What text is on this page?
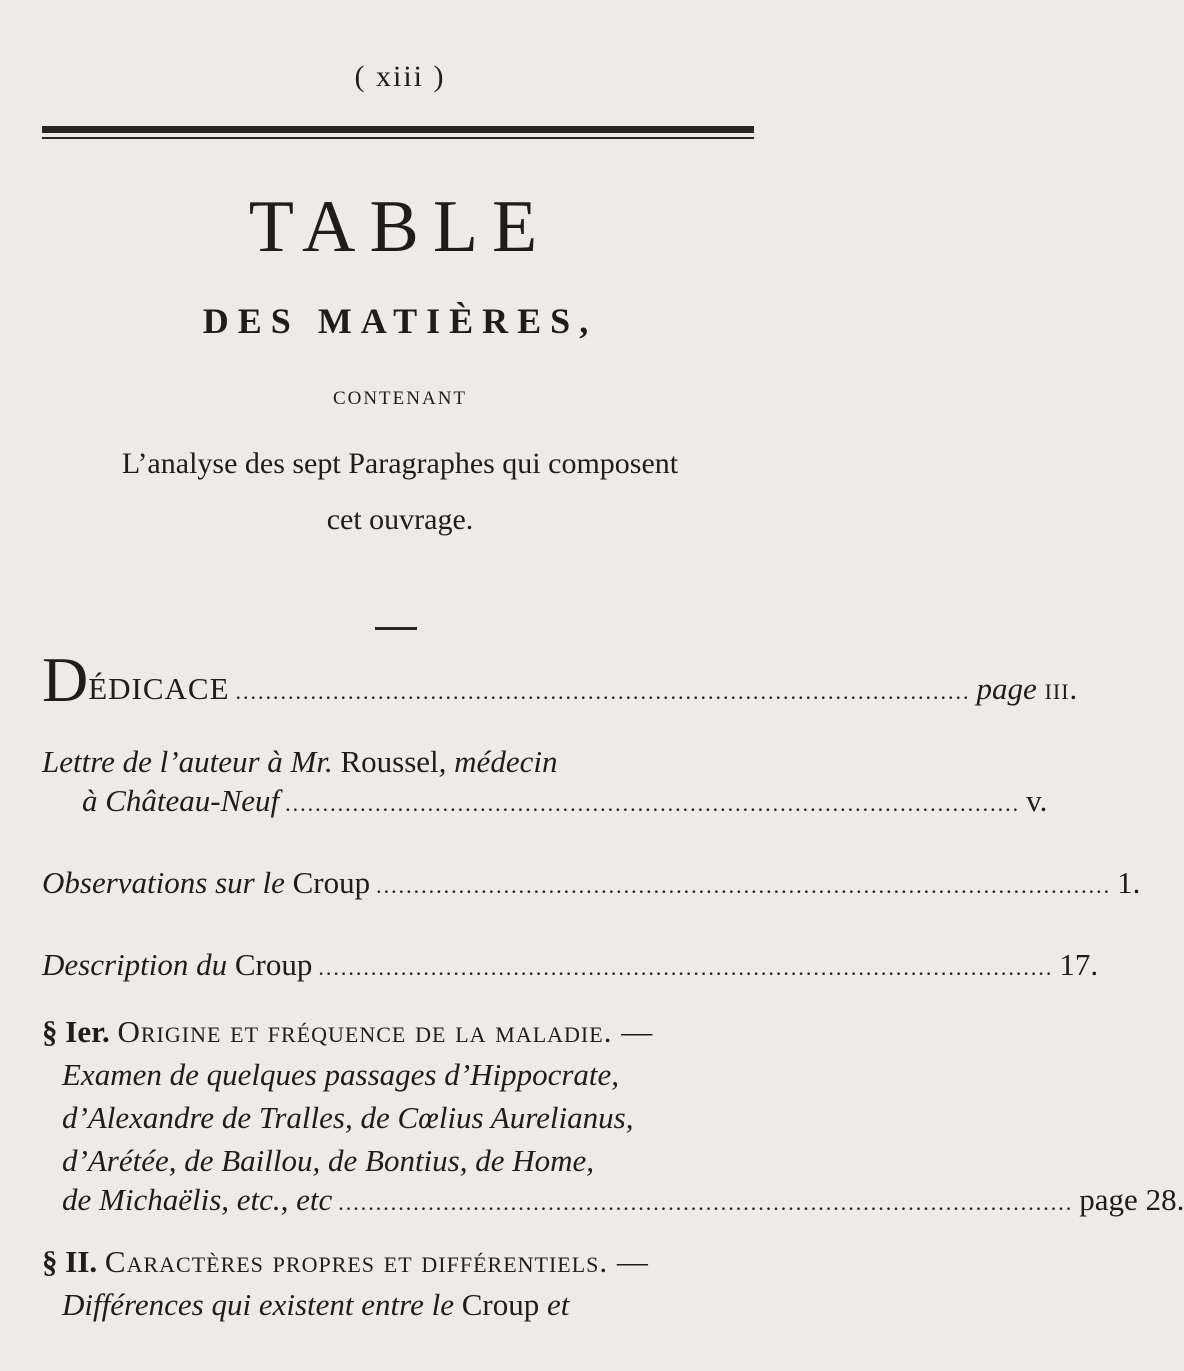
( xiii )
TABLE
DES MATIÈRES,
CONTENANT
L’analyse des sept Paragraphes qui composent
cet ouvrage.
DÉDICACE .................................................................................................. page iii.
Lettre de l’auteur à Mr. Roussel, médecin
à Château-Neuf .................................................................................................. v.
Observations sur le Croup .................................................................................................. 1.
Description du Croup .................................................................................................. 17.
§ Ier. Origine et fréquence de la maladie. —
Examen de quelques passages d’Hippocrate,
d’Alexandre de Tralles, de Cœlius Aurelianus,
d’Arétée, de Baillou, de Bontius, de Home,
de Michaëlis, etc., etc .................................................................................................. page 28.
§ II. Caractères propres et différentiels. —
Différences qui existent entre le Croup et
